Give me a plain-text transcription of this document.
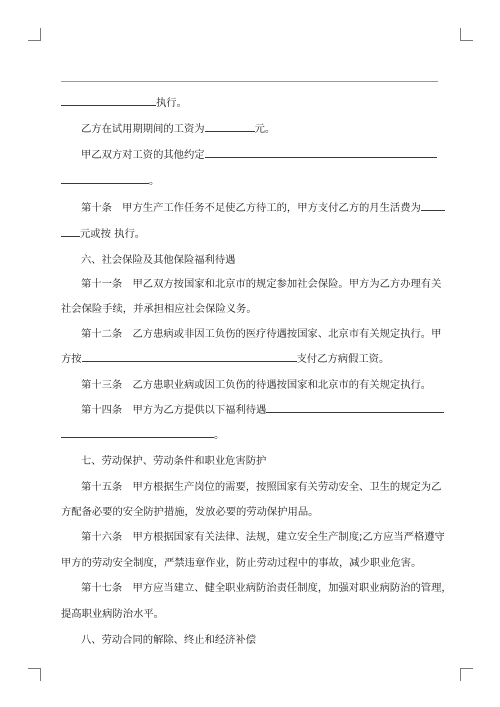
执行。
乙方在试用期期间的工资为	元。
甲乙双方对工资的其他约定
。
第十条　甲方生产工作任务不足使乙方待工的，甲方支付乙方的月生活费为
元或按 执行。
六、社会保险及其他保险福利待遇
第十一条　甲乙双方按国家和北京市的规定参加社会保险。甲方为乙方办理有关
社会保险手续，并承担相应社会保险义务。
第十二条　乙方患病或非因工负伤的医疗待遇按国家、北京市有关规定执行。甲
方按	支付乙方病假工资。
第十三条　乙方患职业病或因工负伤的待遇按国家和北京市的有关规定执行。
第十四条　甲方为乙方提供以下福利待遇
。
七、劳动保护、劳动条件和职业危害防护
第十五条　甲方根据生产岗位的需要，按照国家有关劳动安全、卫生的规定为乙
方配备必要的安全防护措施，发放必要的劳动保护用品。
第十六条　甲方根据国家有关法律、法规，建立安全生产制度;乙方应当严格遵守
甲方的劳动安全制度，严禁违章作业，防止劳动过程中的事故，减少职业危害。
第十七条　甲方应当建立、健全职业病防治责任制度，加强对职业病防治的管理，
提高职业病防治水平。
八、劳动合同的解除、终止和经济补偿
